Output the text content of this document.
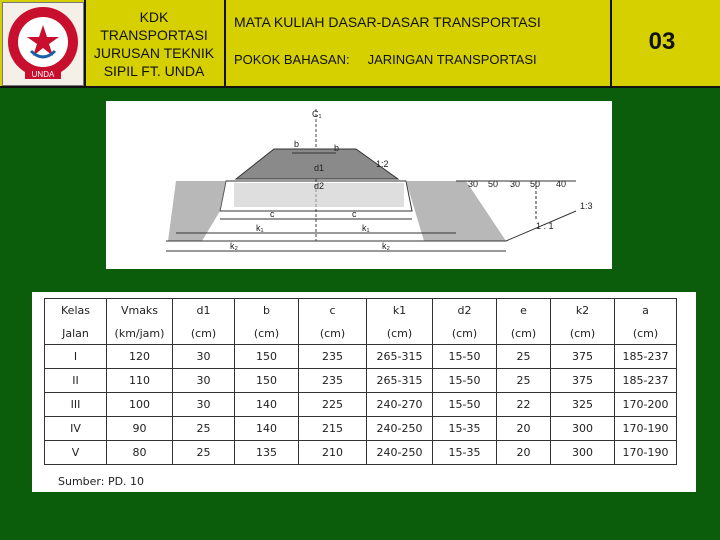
UNDA
KDK
TRANSPORTASI
JURUSAN TEKNIK
SIPIL FT. UNDA
MATA KULIAH DASAR-DASAR TRANSPORTASI
POKOK BAHASAN: JARINGAN TRANSPORTASI
03
C₁
b	b
1:2
d1
d2	30 50 30 50 40
1:3
1 : 1
c	c
k₁	k₁
k₂	k₂
Kelas	Vmaks	d1	b	c	k1	d2	e	k2	a
Jalan	(km/jam)	(cm)	(cm)	(cm)	(cm)	(cm)	(cm)	(cm)	(cm)
I	120	30	150	235	265-315	15-50	25	375	185-237
II	110	30	150	235	265-315	15-50	25	375	185-237
III	100	30	140	225	240-270	15-50	22	325	170-200
IV	90	25	140	215	240-250	15-35	20	300	170-190
V	80	25	135	210	240-250	15-35	20	300	170-190
Sumber: PD. 10
